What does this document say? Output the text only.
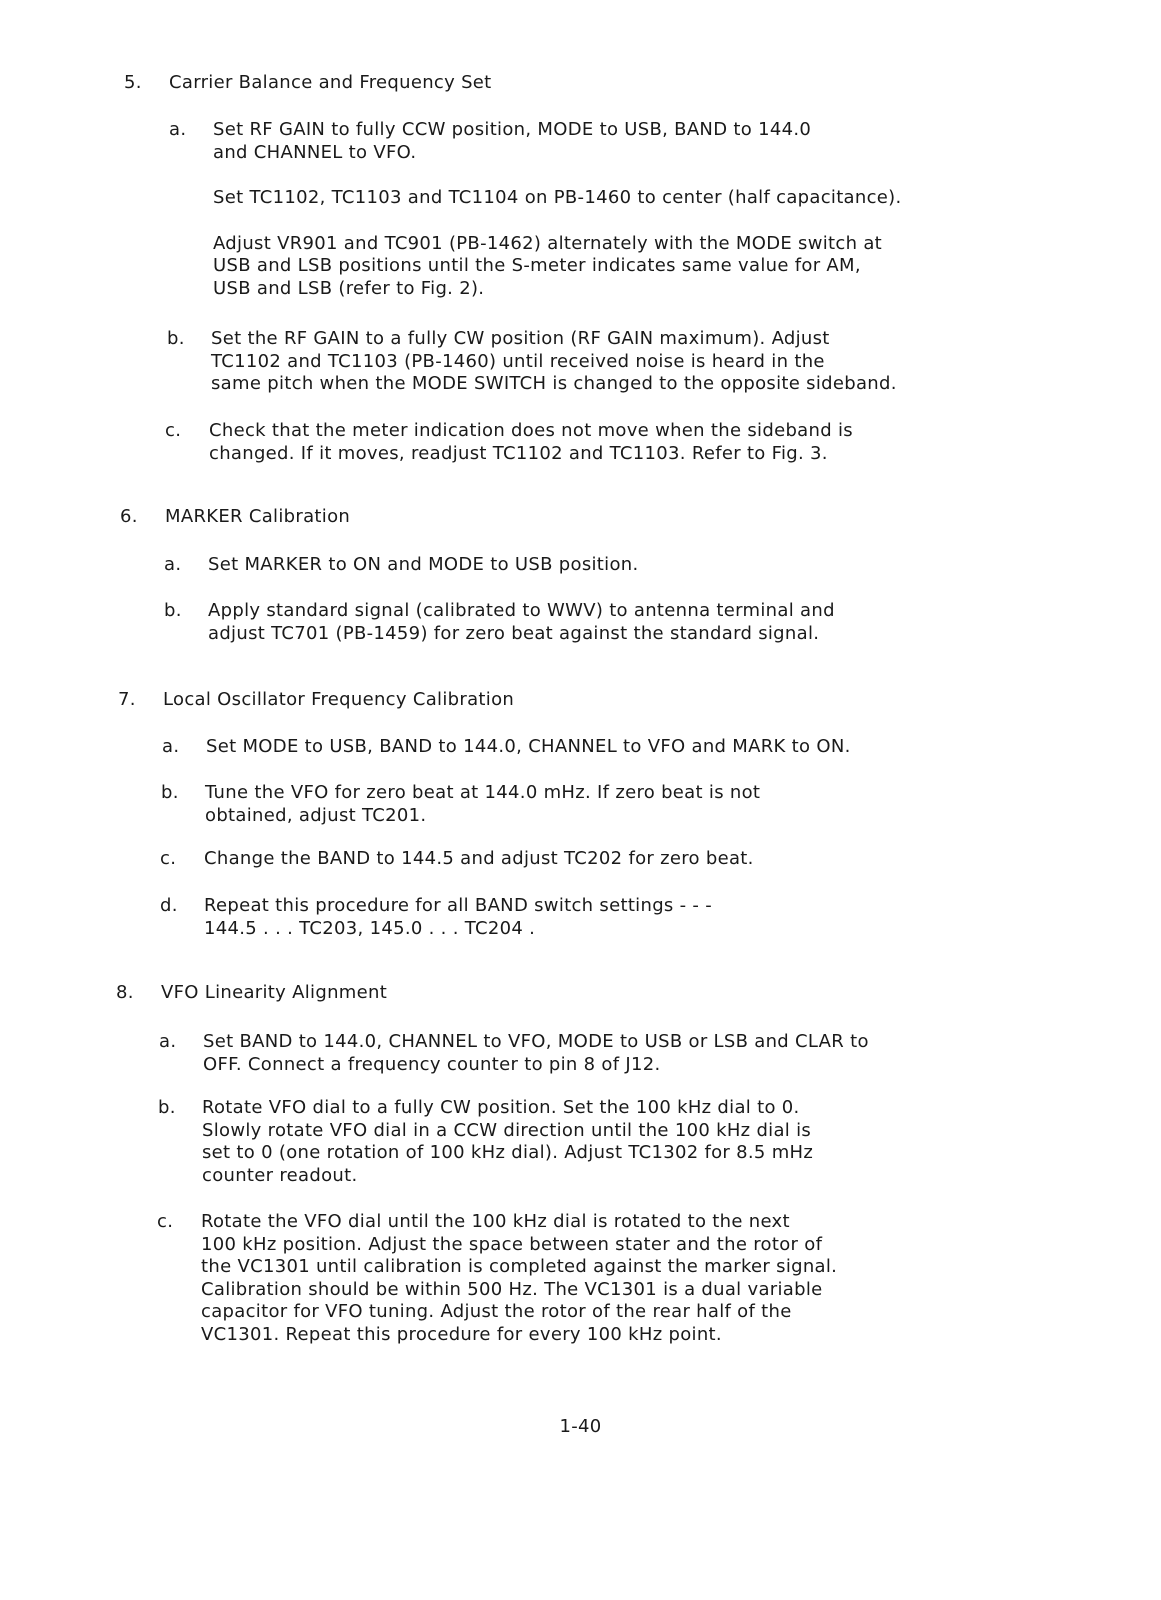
5. Carrier Balance and Frequency Set
a. Set RF GAIN to fully CCW position, MODE to USB, BAND to 144.0
and CHANNEL to VFO.
Set TC1102, TC1103 and TC1104 on PB-1460 to center (half capacitance).
Adjust VR901 and TC901 (PB-1462) alternately with the MODE switch at
USB and LSB positions until the S-meter indicates same value for AM,
USB and LSB (refer to Fig. 2).
b. Set the RF GAIN to a fully CW position (RF GAIN maximum). Adjust
TC1102 and TC1103 (PB-1460) until received noise is heard in the
same pitch when the MODE SWITCH is changed to the opposite sideband.
c. Check that the meter indication does not move when the sideband is
changed. If it moves, readjust TC1102 and TC1103. Refer to Fig. 3.
6. MARKER Calibration
a. Set MARKER to ON and MODE to USB position.
b. Apply standard signal (calibrated to WWV) to antenna terminal and
adjust TC701 (PB-1459) for zero beat against the standard signal.
7. Local Oscillator Frequency Calibration
a. Set MODE to USB, BAND to 144.0, CHANNEL to VFO and MARK to ON.
b. Tune the VFO for zero beat at 144.0 mHz. If zero beat is not
obtained, adjust TC201.
c. Change the BAND to 144.5 and adjust TC202 for zero beat.
d. Repeat this procedure for all BAND switch settings - - -
144.5 . . . TC203, 145.0 . . . TC204 .
8. VFO Linearity Alignment
a. Set BAND to 144.0, CHANNEL to VFO, MODE to USB or LSB and CLAR to
OFF. Connect a frequency counter to pin 8 of J12.
b. Rotate VFO dial to a fully CW position. Set the 100 kHz dial to 0.
Slowly rotate VFO dial in a CCW direction until the 100 kHz dial is
set to 0 (one rotation of 100 kHz dial). Adjust TC1302 for 8.5 mHz
counter readout.
c. Rotate the VFO dial until the 100 kHz dial is rotated to the next
100 kHz position. Adjust the space between stater and the rotor of
the VC1301 until calibration is completed against the marker signal.
Calibration should be within 500 Hz. The VC1301 is a dual variable
capacitor for VFO tuning. Adjust the rotor of the rear half of the
VC1301. Repeat this procedure for every 100 kHz point.
1-40
